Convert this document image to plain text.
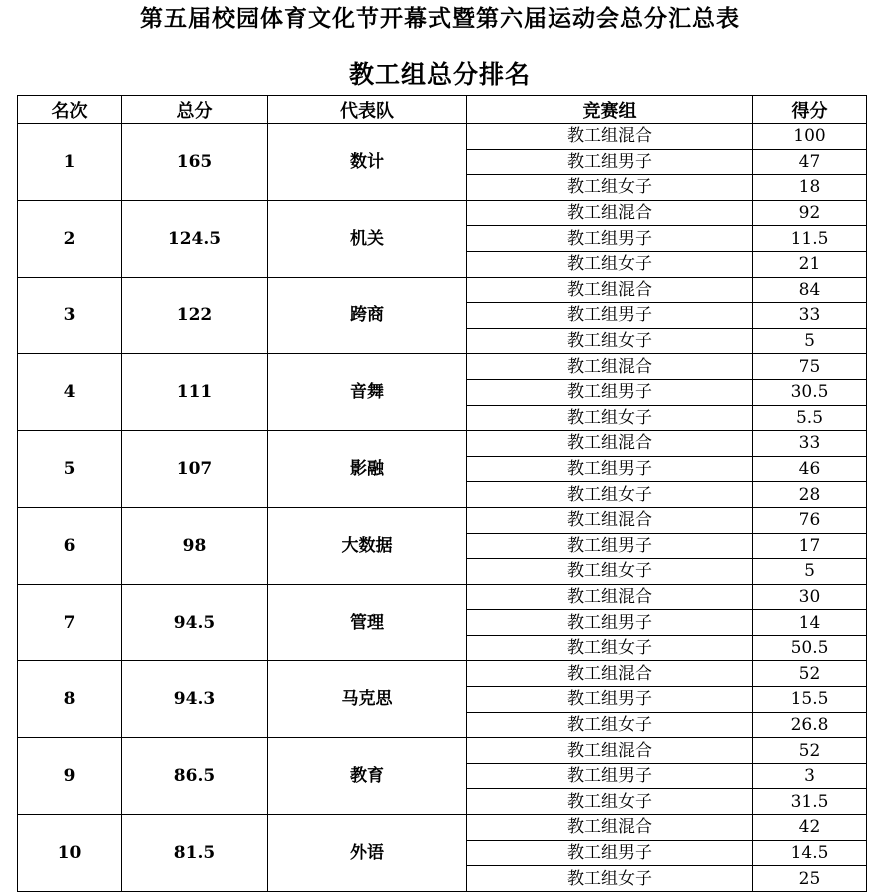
第五届校园体育文化节开幕式暨第六届运动会总分汇总表
教工组总分排名
名次	总分	代表队	竞赛组	得分
1	165	数计	教工组混合	100
			教工组男子	47
			教工组女子	18
2	124.5	机关	教工组混合	92
			教工组男子	11.5
			教工组女子	21
3	122	跨商	教工组混合	84
			教工组男子	33
			教工组女子	5
4	111	音舞	教工组混合	75
			教工组男子	30.5
			教工组女子	5.5
5	107	影融	教工组混合	33
			教工组男子	46
			教工组女子	28
6	98	大数据	教工组混合	76
			教工组男子	17
			教工组女子	5
7	94.5	管理	教工组混合	30
			教工组男子	14
			教工组女子	50.5
8	94.3	马克思	教工组混合	52
			教工组男子	15.5
			教工组女子	26.8
9	86.5	教育	教工组混合	52
			教工组男子	3
			教工组女子	31.5
10	81.5	外语	教工组混合	42
			教工组男子	14.5
			教工组女子	25
